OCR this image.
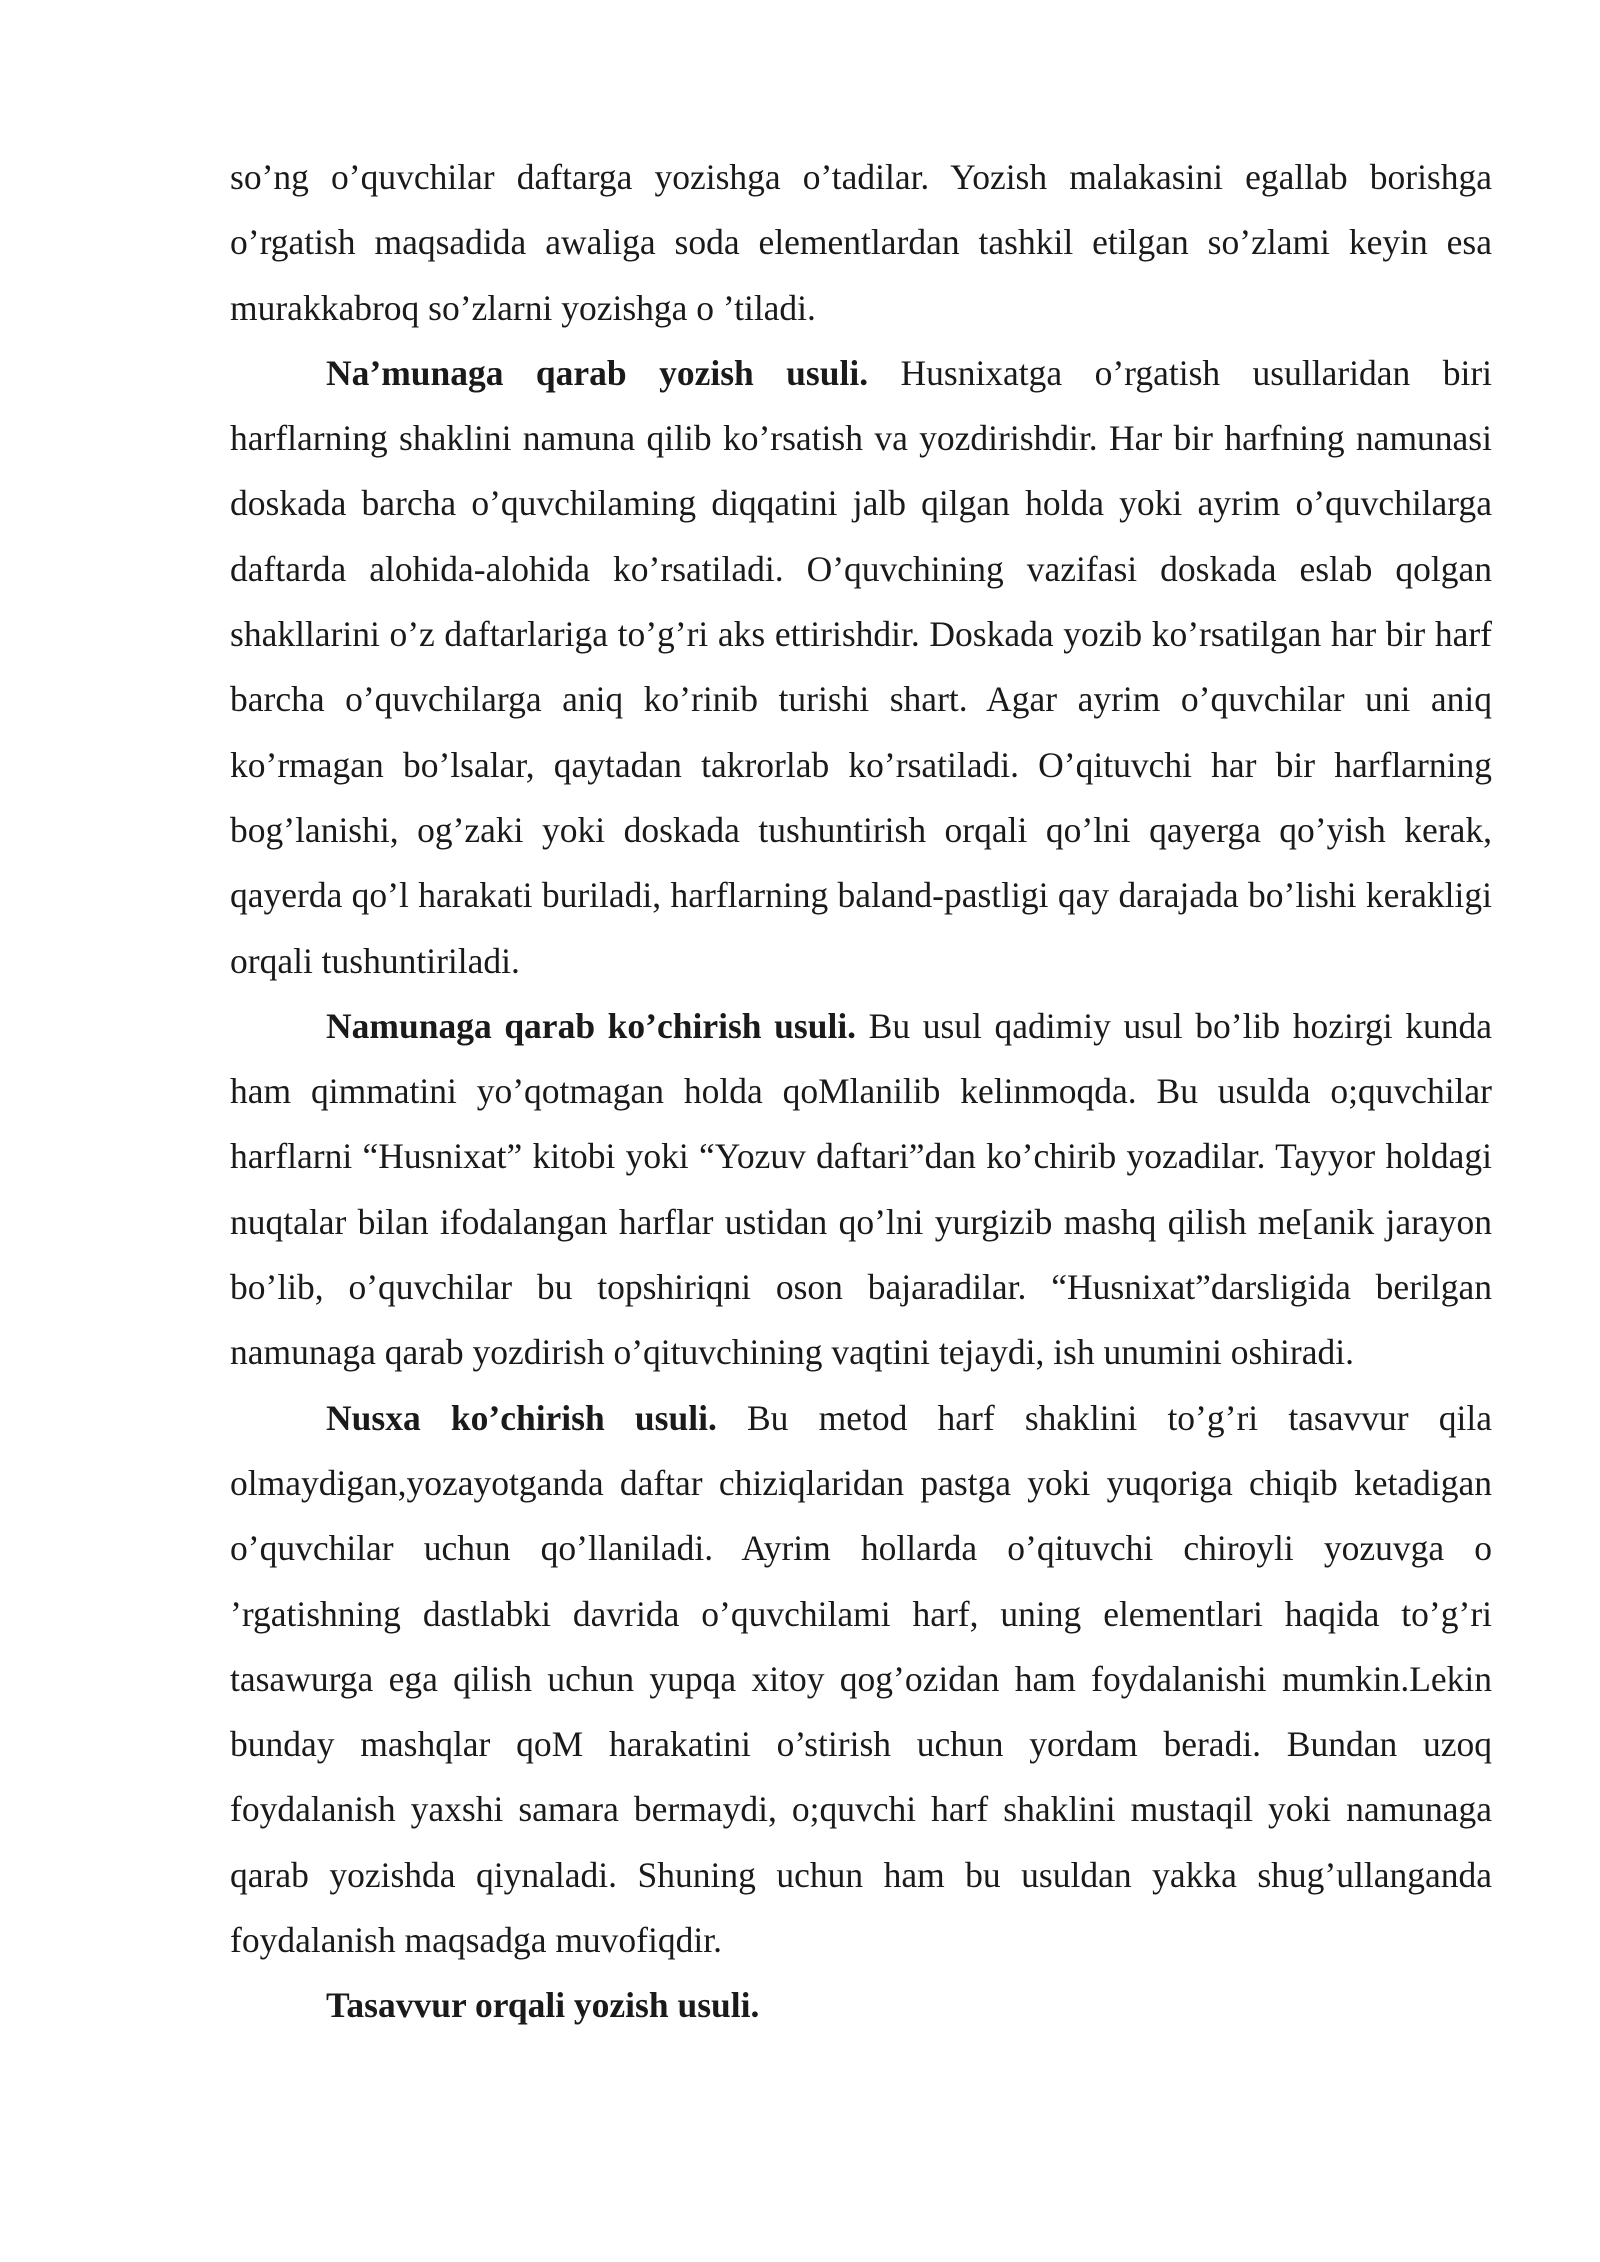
so’ng o’quvchilar daftarga yozishga o’tadilar. Yozish malakasini egallab borishga o’rgatish maqsadida awaliga soda elementlardan tashkil etilgan so’zlami keyin esa murakkabroq so’zlarni yozishga o ’tiladi.

Na’munaga qarab yozish usuli. Husnixatga o’rgatish usullaridan biri harflarning shaklini namuna qilib ko’rsatish va yozdirishdir. Har bir harfning namunasi doskada barcha o’quvchilaming diqqatini jalb qilgan holda yoki ayrim o’quvchilarga daftarda alohida-alohida ko’rsatiladi. O’quvchining vazifasi doskada eslab qolgan shakllarini o’z daftarlariga to’g’ri aks ettirishdir. Doskada yozib ko’rsatilgan har bir harf barcha o’quvchilarga aniq ko’rinib turishi shart. Agar ayrim o’quvchilar uni aniq ko’rmagan bo’lsalar, qaytadan takrorlab ko’rsatiladi. O’qituvchi har bir harflarning bog’lanishi, og’zaki yoki doskada tushuntirish orqali qo’lni qayerga qo’yish kerak, qayerda qo’l harakati buriladi, harflarning baland-pastligi qay darajada bo’lishi kerakligi orqali tushuntiriladi.

Namunaga qarab ko’chirish usuli. Bu usul qadimiy usul bo’lib hozirgi kunda ham qimmatini yo’qotmagan holda qoMlanilib kelinmoqda. Bu usulda o;quvchilar harflarni “Husnixat” kitobi yoki “Yozuv daftari”dan ko’chirib yozadilar. Tayyor holdagi nuqtalar bilan ifodalangan harflar ustidan qo’lni yurgizib mashq qilish me[anik jarayon bo’lib, o’quvchilar bu topshiriqni oson bajaradilar. “Husnixat”darsligida berilgan namunaga qarab yozdirish o’qituvchining vaqtini tejaydi, ish unumini oshiradi.

Nusxa ko’chirish usuli. Bu metod harf shaklini to’g’ri tasavvur qila olmaydigan,yozayotganda daftar chiziqlaridan pastga yoki yuqoriga chiqib ketadigan o’quvchilar uchun qo’llaniladi. Ayrim hollarda o’qituvchi chiroyli yozuvga o ’rgatishning dastlabki davrida o’quvchilami harf, uning elementlari haqida to’g’ri tasawurga ega qilish uchun yupqa xitoy qog’ozidan ham foydalanishi mumkin.Lekin bunday mashqlar qoM harakatini o’stirish uchun yordam beradi. Bundan uzoq foydalanish yaxshi samara bermaydi, o;quvchi harf shaklini mustaqil yoki namunaga qarab yozishda qiynaladi. Shuning uchun ham bu usuldan yakka shug’ullanganda foydalanish maqsadga muvofiqdir.

Tasavvur orqali yozish usuli.
